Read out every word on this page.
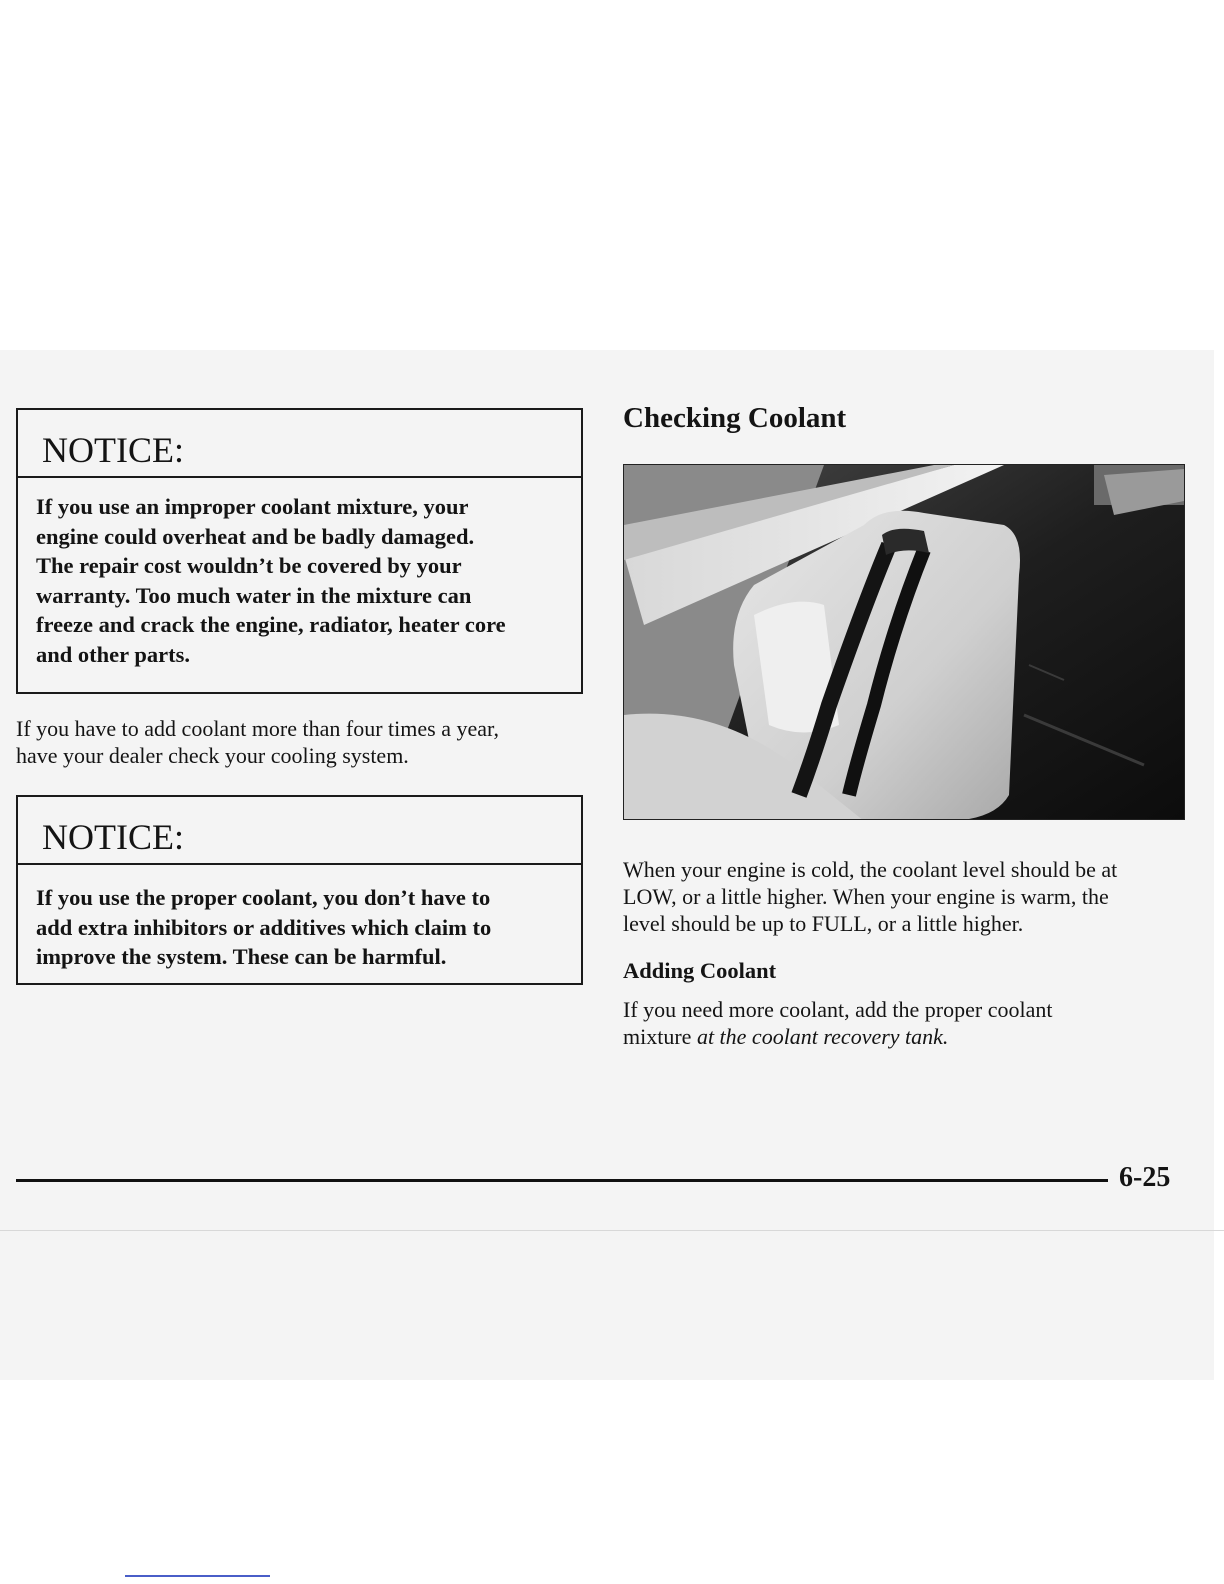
NOTICE:
If you use an improper coolant mixture, your
engine could overheat and be badly damaged.
The repair cost wouldn’t be covered by your
warranty. Too much water in the mixture can
freeze and crack the engine, radiator, heater core
and other parts.
If you have to add coolant more than four times a year,
have your dealer check your cooling system.
NOTICE:
If you use the proper coolant, you don’t have to
add extra inhibitors or additives which claim to
improve the system. These can be harmful.
Checking Coolant
When your engine is cold, the coolant level should be at
LOW, or a little higher. When your engine is warm, the
level should be up to FULL, or a little higher.
Adding Coolant
If you need more coolant, add the proper coolant
mixture at the coolant recovery tank.
6-25
